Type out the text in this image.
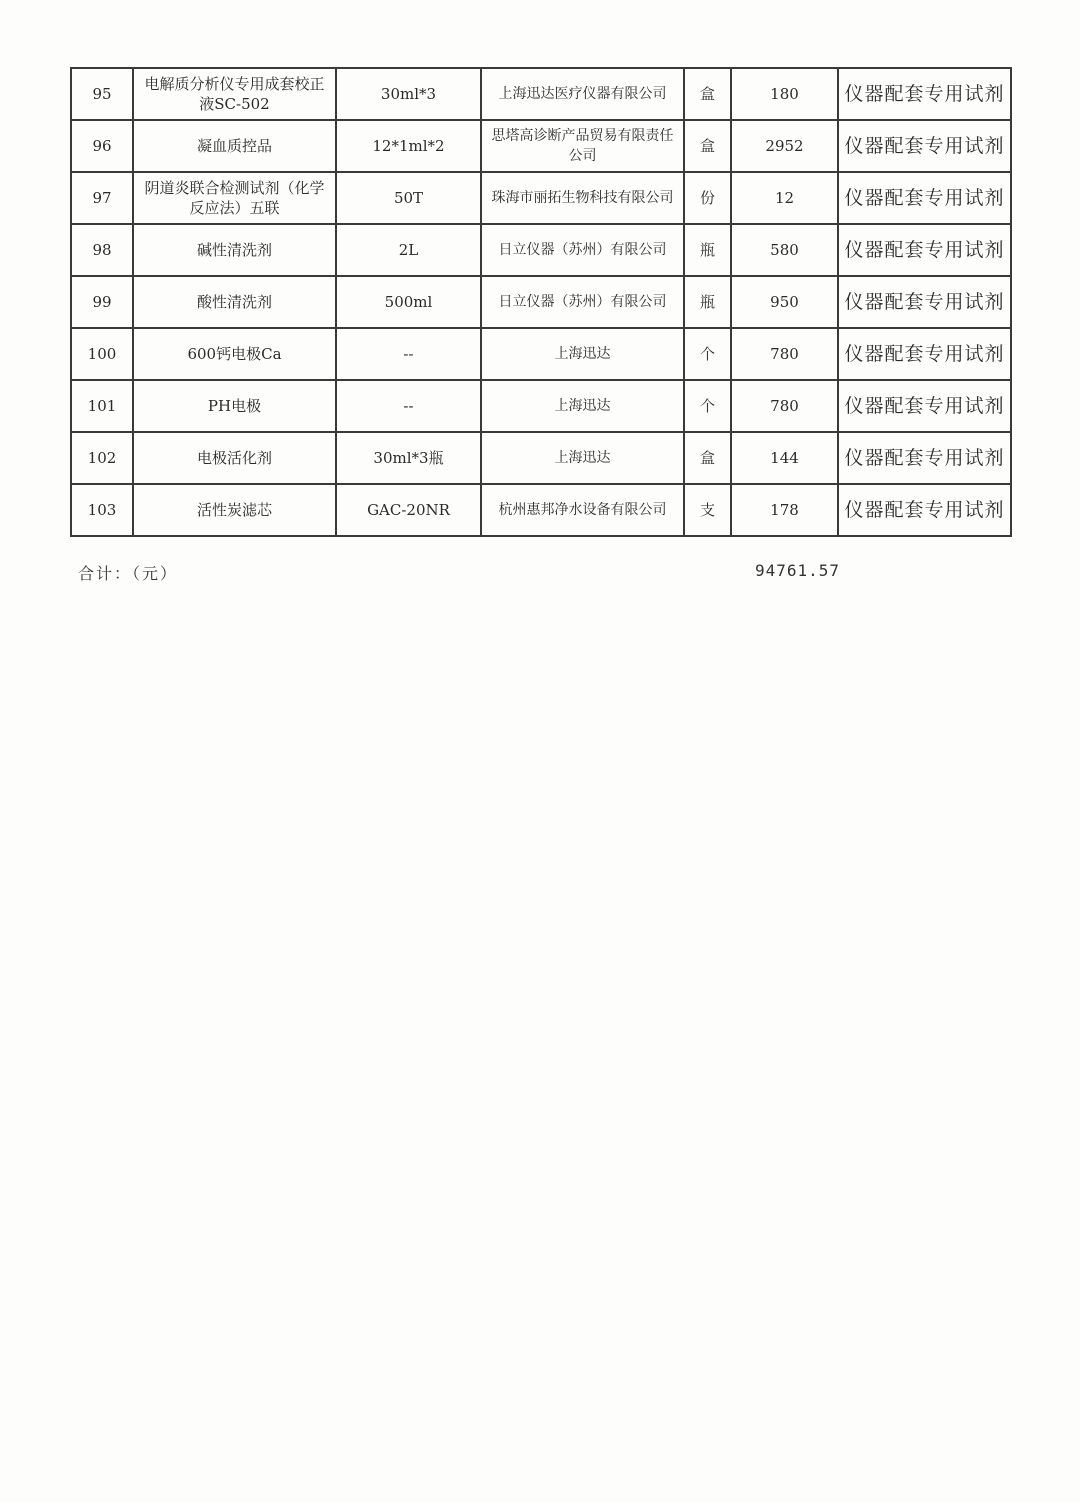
95	电解质分析仪专用成套校正液SC-502	30ml*3	上海迅达医疗仪器有限公司	盒	180	仪器配套专用试剂
96	凝血质控品	12*1ml*2	思塔高诊断产品贸易有限责任公司	盒	2952	仪器配套专用试剂
97	阴道炎联合检测试剂（化学反应法）五联	50T	珠海市丽拓生物科技有限公司	份	12	仪器配套专用试剂
98	碱性清洗剂	2L	日立仪器（苏州）有限公司	瓶	580	仪器配套专用试剂
99	酸性清洗剂	500ml	日立仪器（苏州）有限公司	瓶	950	仪器配套专用试剂
100	600钙电极Ca	--	上海迅达	个	780	仪器配套专用试剂
101	PH电极	--	上海迅达	个	780	仪器配套专用试剂
102	电极活化剂	30ml*3瓶	上海迅达	盒	144	仪器配套专用试剂
103	活性炭滤芯	GAC-20NR	杭州惠邦净水设备有限公司	支	178	仪器配套专用试剂
合计：（元）	94761.57
